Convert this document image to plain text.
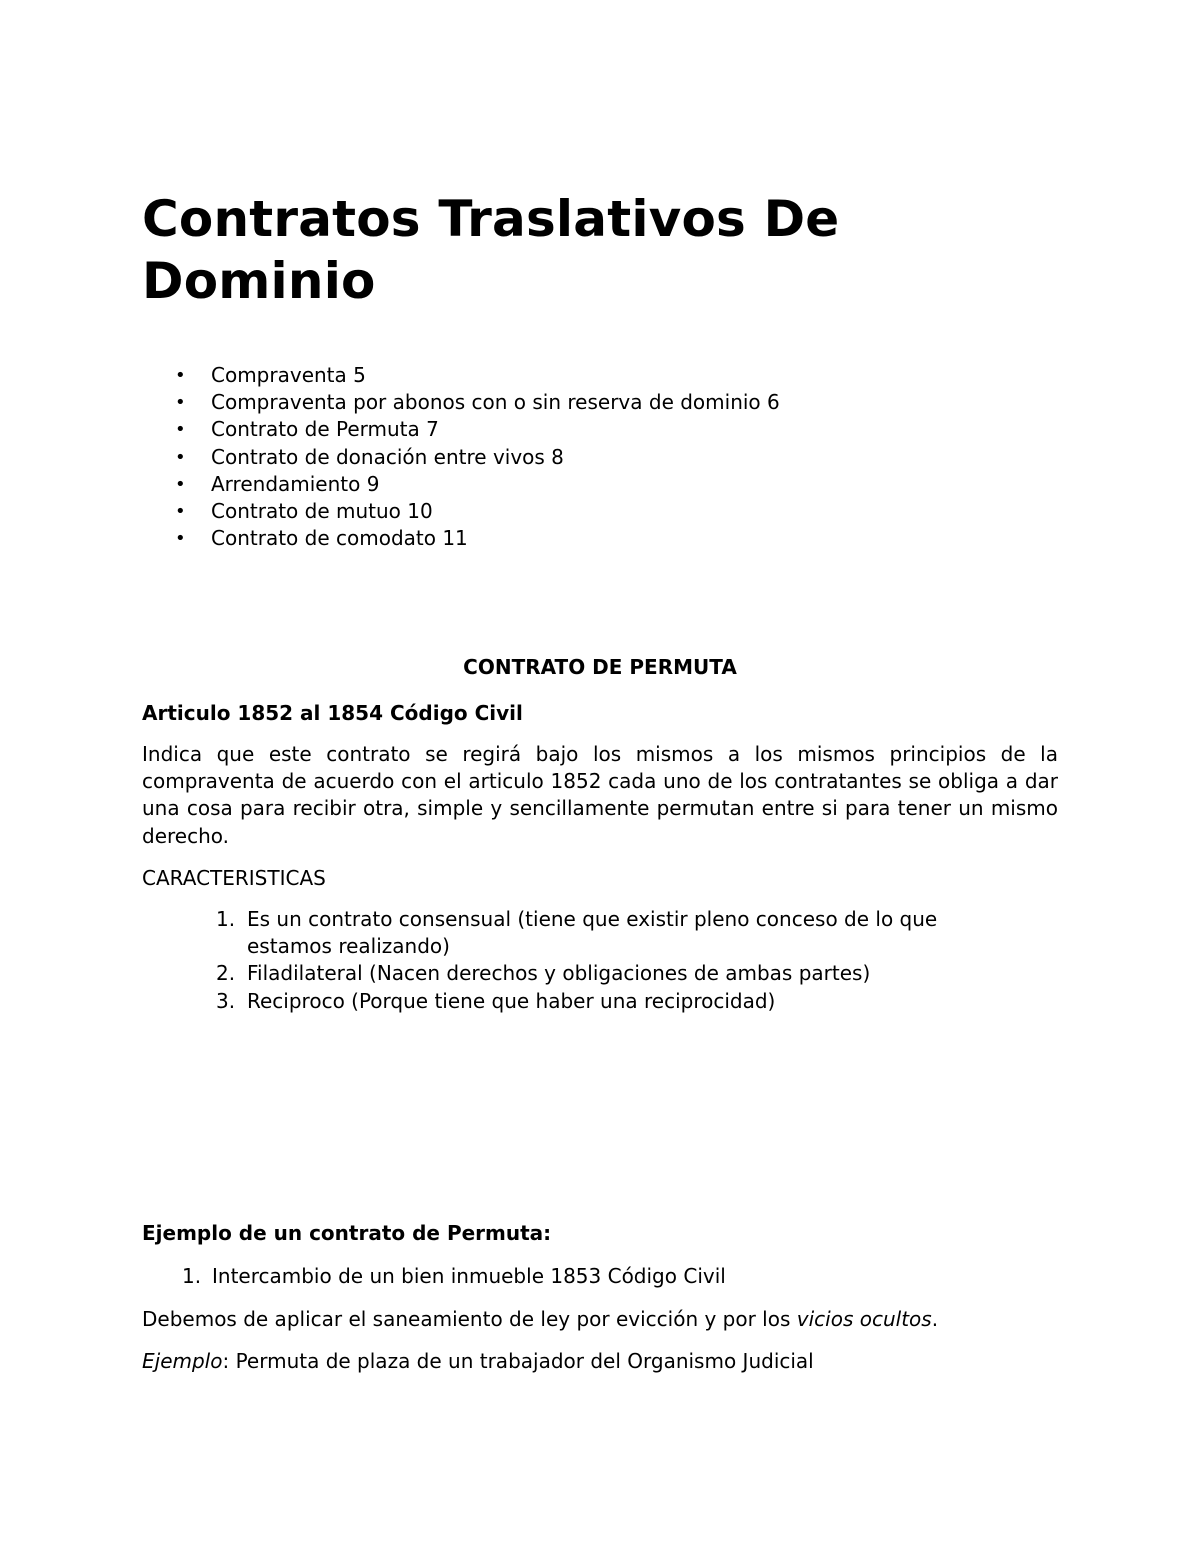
Contratos Traslativos De Dominio
• Compraventa 5
• Compraventa por abonos con o sin reserva de dominio 6
• Contrato de Permuta 7
• Contrato de donación entre vivos 8
• Arrendamiento 9
• Contrato de mutuo 10
• Contrato de comodato 11
CONTRATO DE PERMUTA

Articulo 1852 al 1854 Código Civil

Indica que este contrato se regirá bajo los mismos a los mismos principios de la compraventa de acuerdo con el articulo 1852 cada uno de los contratantes se obliga a dar una cosa para recibir otra, simple y sencillamente permutan entre si para tener un mismo derecho.

CARACTERISTICAS

1. Es un contrato consensual (tiene que existir pleno conceso de lo que estamos realizando)
2. Filadilateral (Nacen derechos y obligaciones de ambas partes)
3. Reciproco (Porque tiene que haber una reciprocidad)

Ejemplo de un contrato de Permuta:

1. Intercambio de un bien inmueble 1853 Código Civil

Debemos de aplicar el saneamiento de ley por evicción y por los vicios ocultos.

Ejemplo: Permuta de plaza de un trabajador del Organismo Judicial
